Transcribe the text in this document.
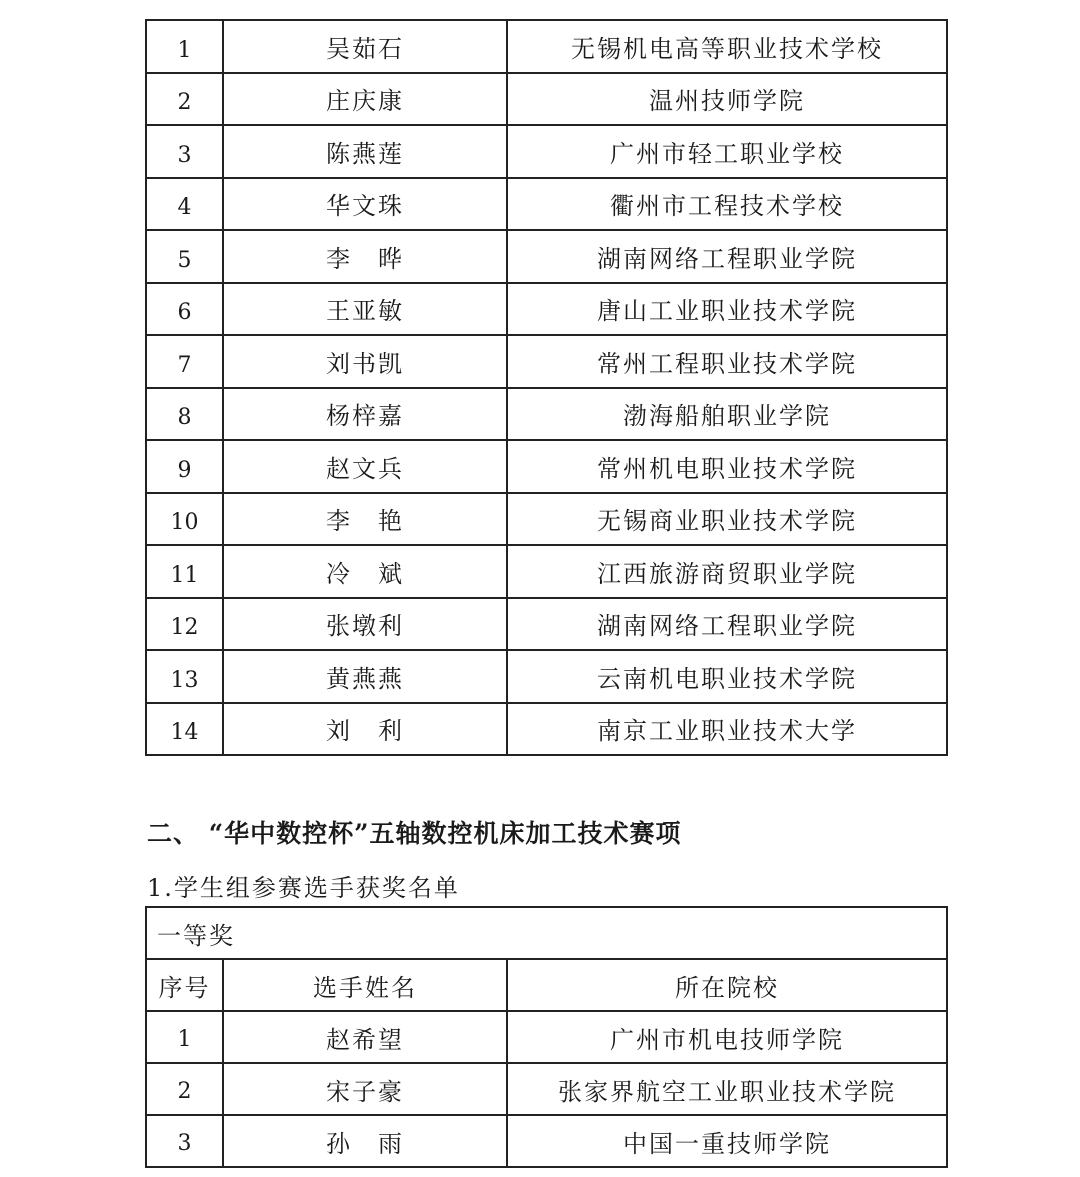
1	吴茹石	无锡机电高等职业技术学校
2	庄庆康	温州技师学院
3	陈燕莲	广州市轻工职业学校
4	华文珠	衢州市工程技术学校
5	李　晔	湖南网络工程职业学院
6	王亚敏	唐山工业职业技术学院
7	刘书凯	常州工程职业技术学院
8	杨梓嘉	渤海船舶职业学院
9	赵文兵	常州机电职业技术学院
10	李　艳	无锡商业职业技术学院
11	冷　斌	江西旅游商贸职业学院
12	张墩利	湖南网络工程职业学院
13	黄燕燕	云南机电职业技术学院
14	刘　利	南京工业职业技术大学
二、 “华中数控杯”五轴数控机床加工技术赛项
1.学生组参赛选手获奖名单
一等奖		
序号	选手姓名	所在院校
1	赵希望	广州市机电技师学院
2	宋子豪	张家界航空工业职业技术学院
3	孙　雨	中国一重技师学院
